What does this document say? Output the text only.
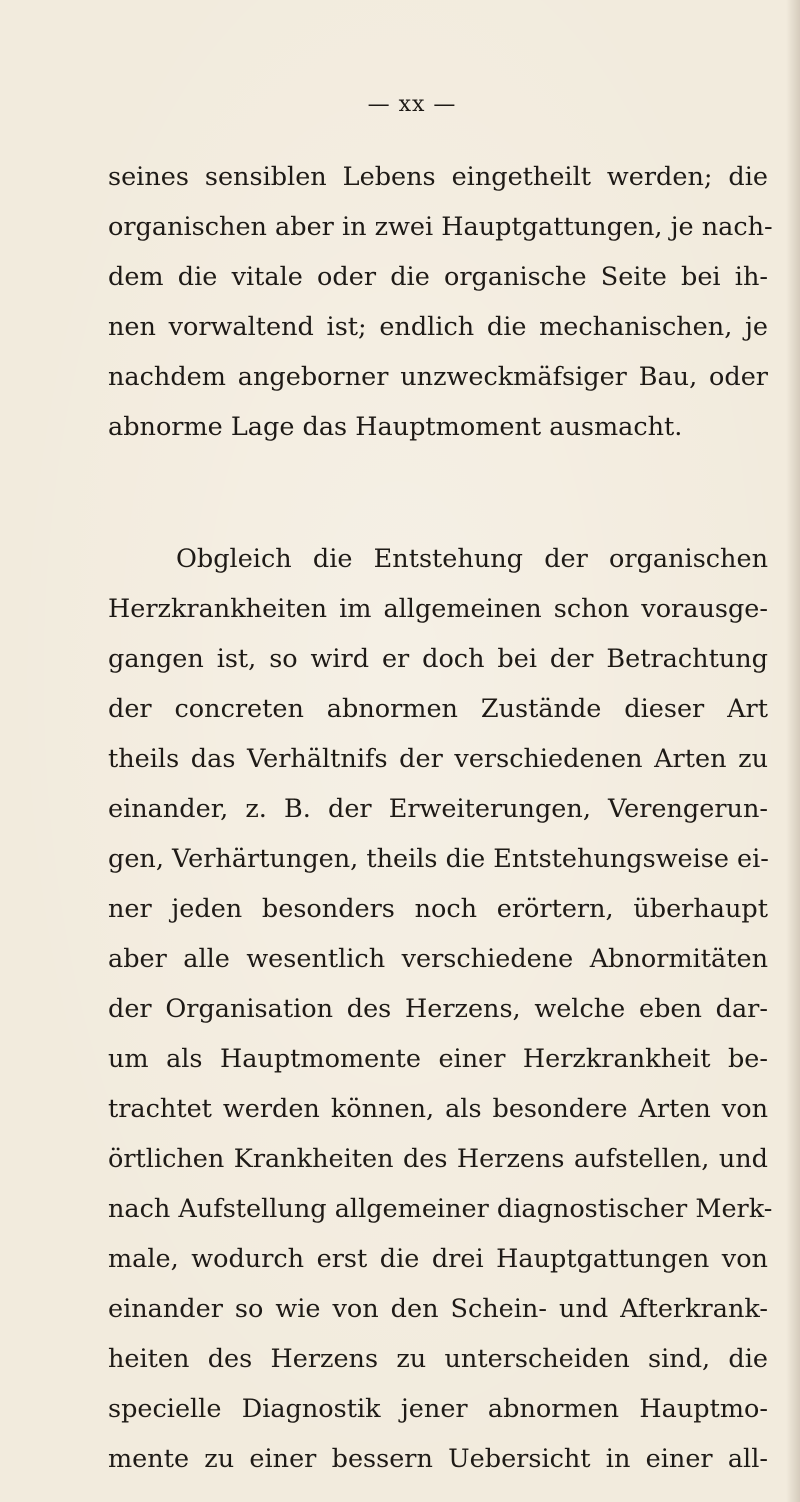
— xx —
seines sensiblen Lebens eingetheilt werden; die
organischen aber in zwei Hauptgattungen, je nach-
dem die vitale oder die organische Seite bei ih-
nen vorwaltend ist; endlich die mechanischen, je
nachdem angeborner unzweckmäfsiger Bau, oder
abnorme Lage das Hauptmoment ausmacht.
Obgleich die Entstehung der organischen
Herzkrankheiten im allgemeinen schon vorausge-
gangen ist, so wird er doch bei der Betrachtung
der concreten abnormen Zustände dieser Art
theils das Verhältnifs der verschiedenen Arten zu
einander, z. B. der Erweiterungen, Verengerun-
gen, Verhärtungen, theils die Entstehungsweise ei-
ner jeden besonders noch erörtern, überhaupt
aber alle wesentlich verschiedene Abnormitäten
der Organisation des Herzens, welche eben dar-
um als Hauptmomente einer Herzkrankheit be-
trachtet werden können, als besondere Arten von
örtlichen Krankheiten des Herzens aufstellen, und
nach Aufstellung allgemeiner diagnostischer Merk-
male, wodurch erst die drei Hauptgattungen von
einander so wie von den Schein- und Afterkrank-
heiten des Herzens zu unterscheiden sind, die
specielle Diagnostik jener abnormen Hauptmo-
mente zu einer bessern Uebersicht in einer all-
